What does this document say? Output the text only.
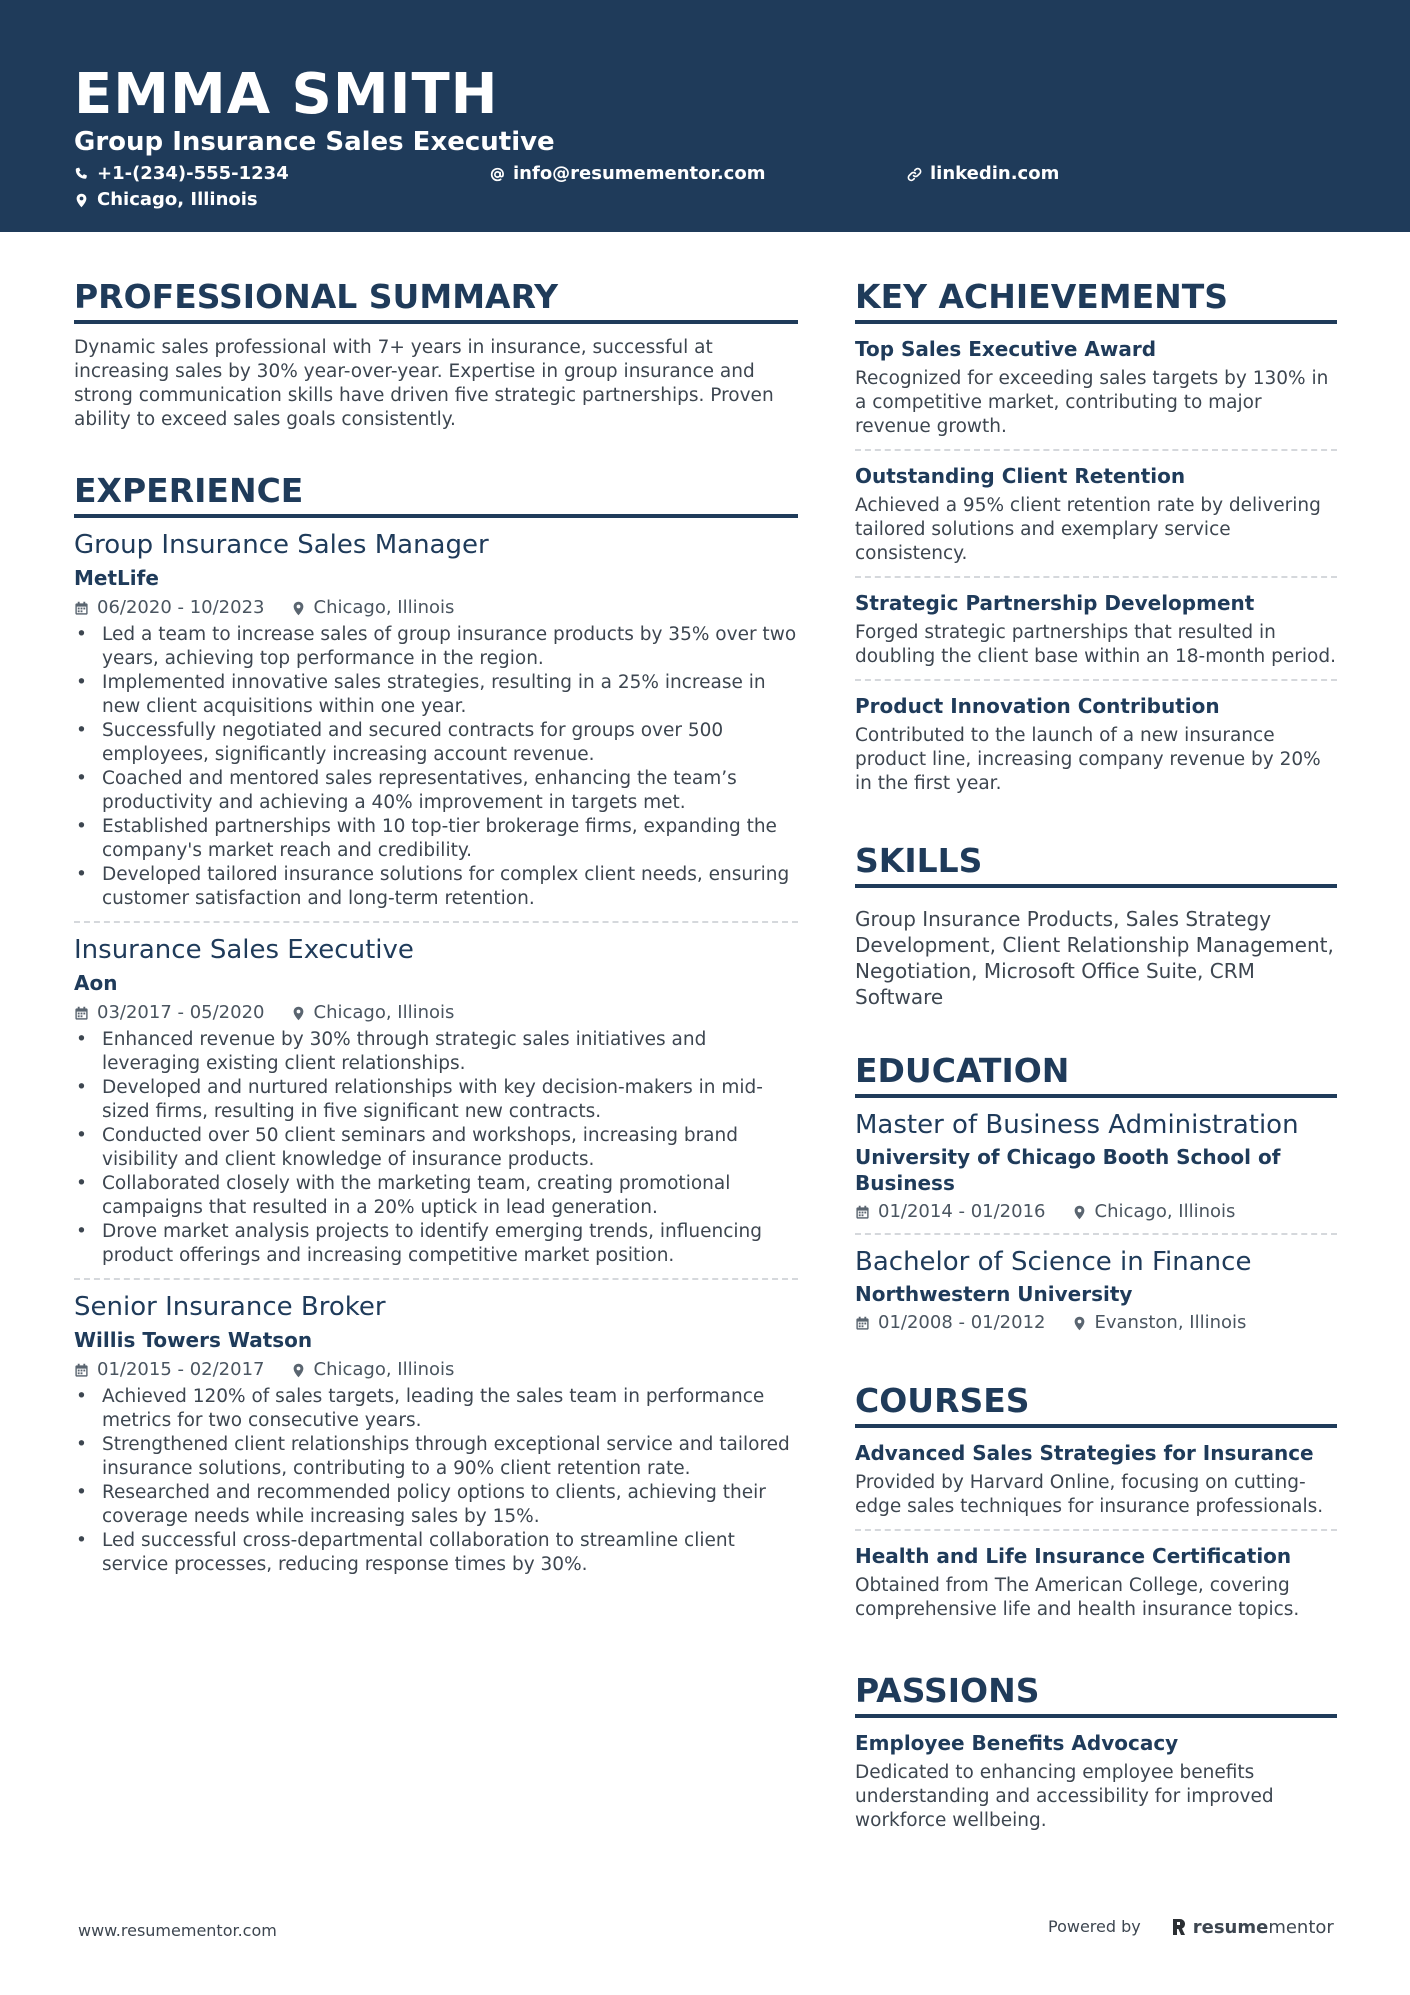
EMMA SMITH
Group Insurance Sales Executive
+1-(234)-555-1234	info@resumementor.com	linkedin.com
Chicago, Illinois
PROFESSIONAL SUMMARY
Dynamic sales professional with 7+ years in insurance, successful at increasing sales by 30% year-over-year. Expertise in group insurance and strong communication skills have driven five strategic partnerships. Proven ability to exceed sales goals consistently.
EXPERIENCE
Group Insurance Sales Manager
MetLife
06/2020 - 10/2023	Chicago, Illinois
• Led a team to increase sales of group insurance products by 35% over two years, achieving top performance in the region.
• Implemented innovative sales strategies, resulting in a 25% increase in new client acquisitions within one year.
• Successfully negotiated and secured contracts for groups over 500 employees, significantly increasing account revenue.
• Coached and mentored sales representatives, enhancing the team’s productivity and achieving a 40% improvement in targets met.
• Established partnerships with 10 top-tier brokerage firms, expanding the company's market reach and credibility.
• Developed tailored insurance solutions for complex client needs, ensuring customer satisfaction and long-term retention.
Insurance Sales Executive
Aon
03/2017 - 05/2020	Chicago, Illinois
• Enhanced revenue by 30% through strategic sales initiatives and leveraging existing client relationships.
• Developed and nurtured relationships with key decision-makers in mid-sized firms, resulting in five significant new contracts.
• Conducted over 50 client seminars and workshops, increasing brand visibility and client knowledge of insurance products.
• Collaborated closely with the marketing team, creating promotional campaigns that resulted in a 20% uptick in lead generation.
• Drove market analysis projects to identify emerging trends, influencing product offerings and increasing competitive market position.
Senior Insurance Broker
Willis Towers Watson
01/2015 - 02/2017	Chicago, Illinois
• Achieved 120% of sales targets, leading the sales team in performance metrics for two consecutive years.
• Strengthened client relationships through exceptional service and tailored insurance solutions, contributing to a 90% client retention rate.
• Researched and recommended policy options to clients, achieving their coverage needs while increasing sales by 15%.
• Led successful cross-departmental collaboration to streamline client service processes, reducing response times by 30%.
KEY ACHIEVEMENTS
Top Sales Executive Award
Recognized for exceeding sales targets by 130% in a competitive market, contributing to major revenue growth.
Outstanding Client Retention
Achieved a 95% client retention rate by delivering tailored solutions and exemplary service consistency.
Strategic Partnership Development
Forged strategic partnerships that resulted in doubling the client base within an 18-month period.
Product Innovation Contribution
Contributed to the launch of a new insurance product line, increasing company revenue by 20% in the first year.
SKILLS
Group Insurance Products, Sales Strategy Development, Client Relationship Management, Negotiation, Microsoft Office Suite, CRM Software
EDUCATION
Master of Business Administration
University of Chicago Booth School of Business
01/2014 - 01/2016	Chicago, Illinois
Bachelor of Science in Finance
Northwestern University
01/2008 - 01/2012	Evanston, Illinois
COURSES
Advanced Sales Strategies for Insurance
Provided by Harvard Online, focusing on cutting-edge sales techniques for insurance professionals.
Health and Life Insurance Certification
Obtained from The American College, covering comprehensive life and health insurance topics.
PASSIONS
Employee Benefits Advocacy
Dedicated to enhancing employee benefits understanding and accessibility for improved workforce wellbeing.
www.resumementor.com	Powered by	resumementor
